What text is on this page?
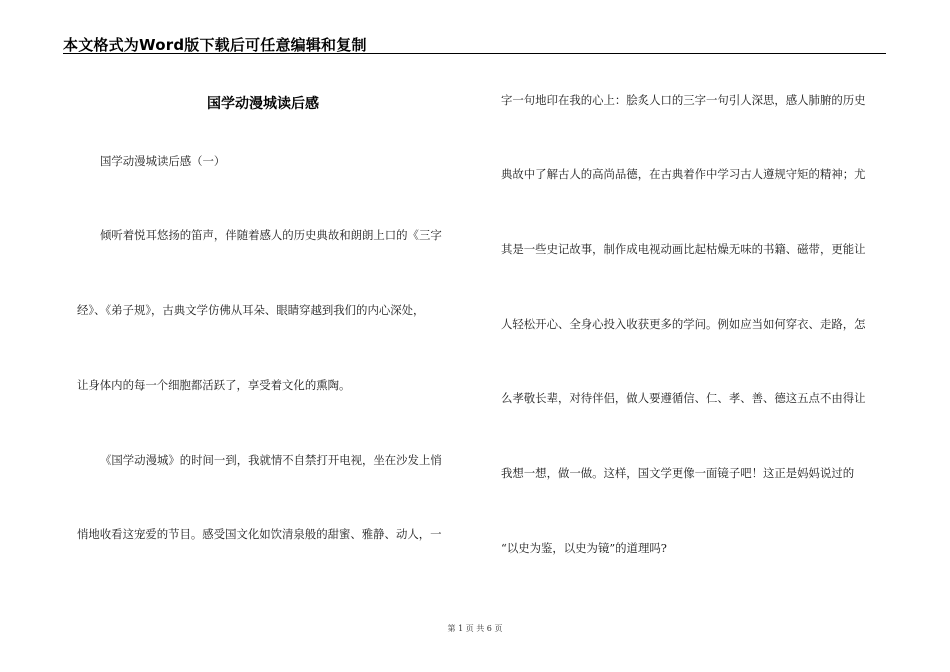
本文格式为Word版下载后可任意编辑和复制
国学动漫城读后感
国学动漫城读后感（一）
倾听着悦耳悠扬的笛声，伴随着感人的历史典故和朗朗上口的《三字
经》、《弟子规》，古典文学仿佛从耳朵、眼睛穿越到我们的内心深处，
让身体内的每一个细胞都活跃了，享受着文化的熏陶。
《国学动漫城》的时间一到，我就情不自禁打开电视，坐在沙发上悄
悄地收看这宠爱的节目。感受国文化如饮清泉般的甜蜜、雅静、动人，一
字一句地印在我的心上：脍炙人口的三字一句引人深思，感人肺腑的历史
典故中了解古人的高尚品德，在古典着作中学习古人遵规守矩的精神；尤
其是一些史记故事，制作成电视动画比起枯燥无味的书籍、磁带，更能让
人轻松开心、全身心投入收获更多的学问。例如应当如何穿衣、走路，怎
么孝敬长辈，对待伴侣，做人要遵循信、仁、孝、善、德这五点不由得让
我想一想，做一做。这样，国文学更像一面镜子吧！这正是妈妈说过的
“以史为鉴，以史为镜”的道理吗?
第 1 页 共 6 页
